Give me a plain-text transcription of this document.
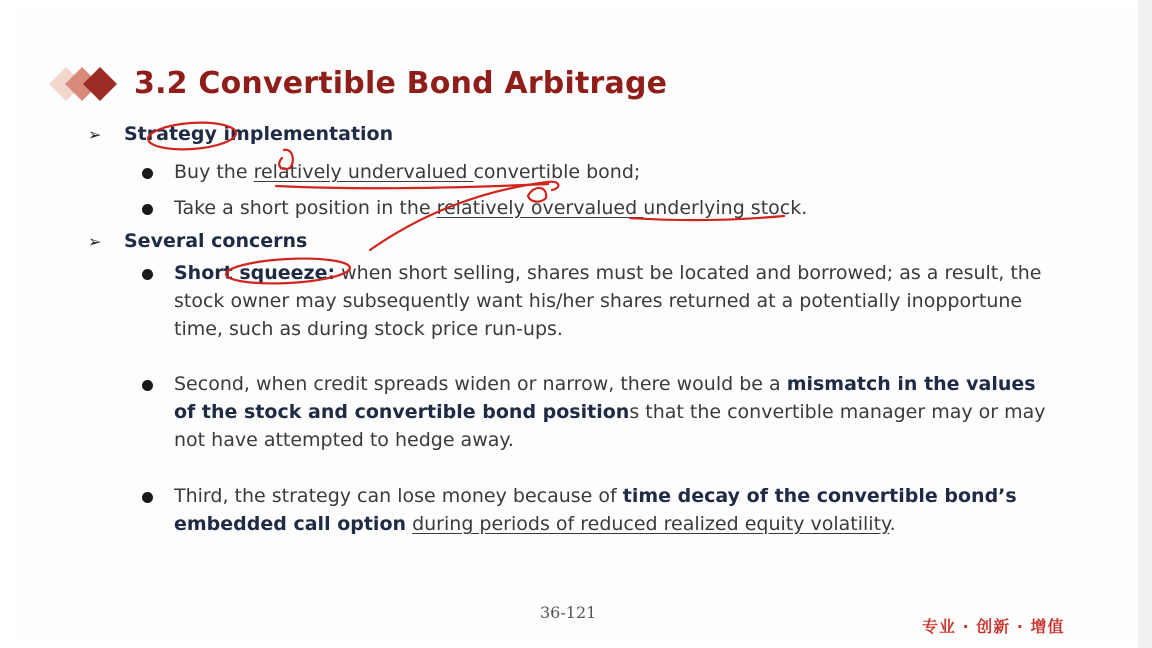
3.2 Convertible Bond Arbitrage
➢	Strategy implementation
Buy the relatively undervalued convertible bond;
Take a short position in the relatively overvalued underlying stock.
➢	Several concerns
Short squeeze: when short selling, shares must be located and borrowed; as a result, the stock owner may subsequently want his/her shares returned at a potentially inopportune time, such as during stock price run-ups.
Second, when credit spreads widen or narrow, there would be a mismatch in the values of the stock and convertible bond positions that the convertible manager may or may not have attempted to hedge away.
Third, the strategy can lose money because of time decay of the convertible bond’s embedded call option during periods of reduced realized equity volatility.
36-121
专业 · 创新 · 增值
